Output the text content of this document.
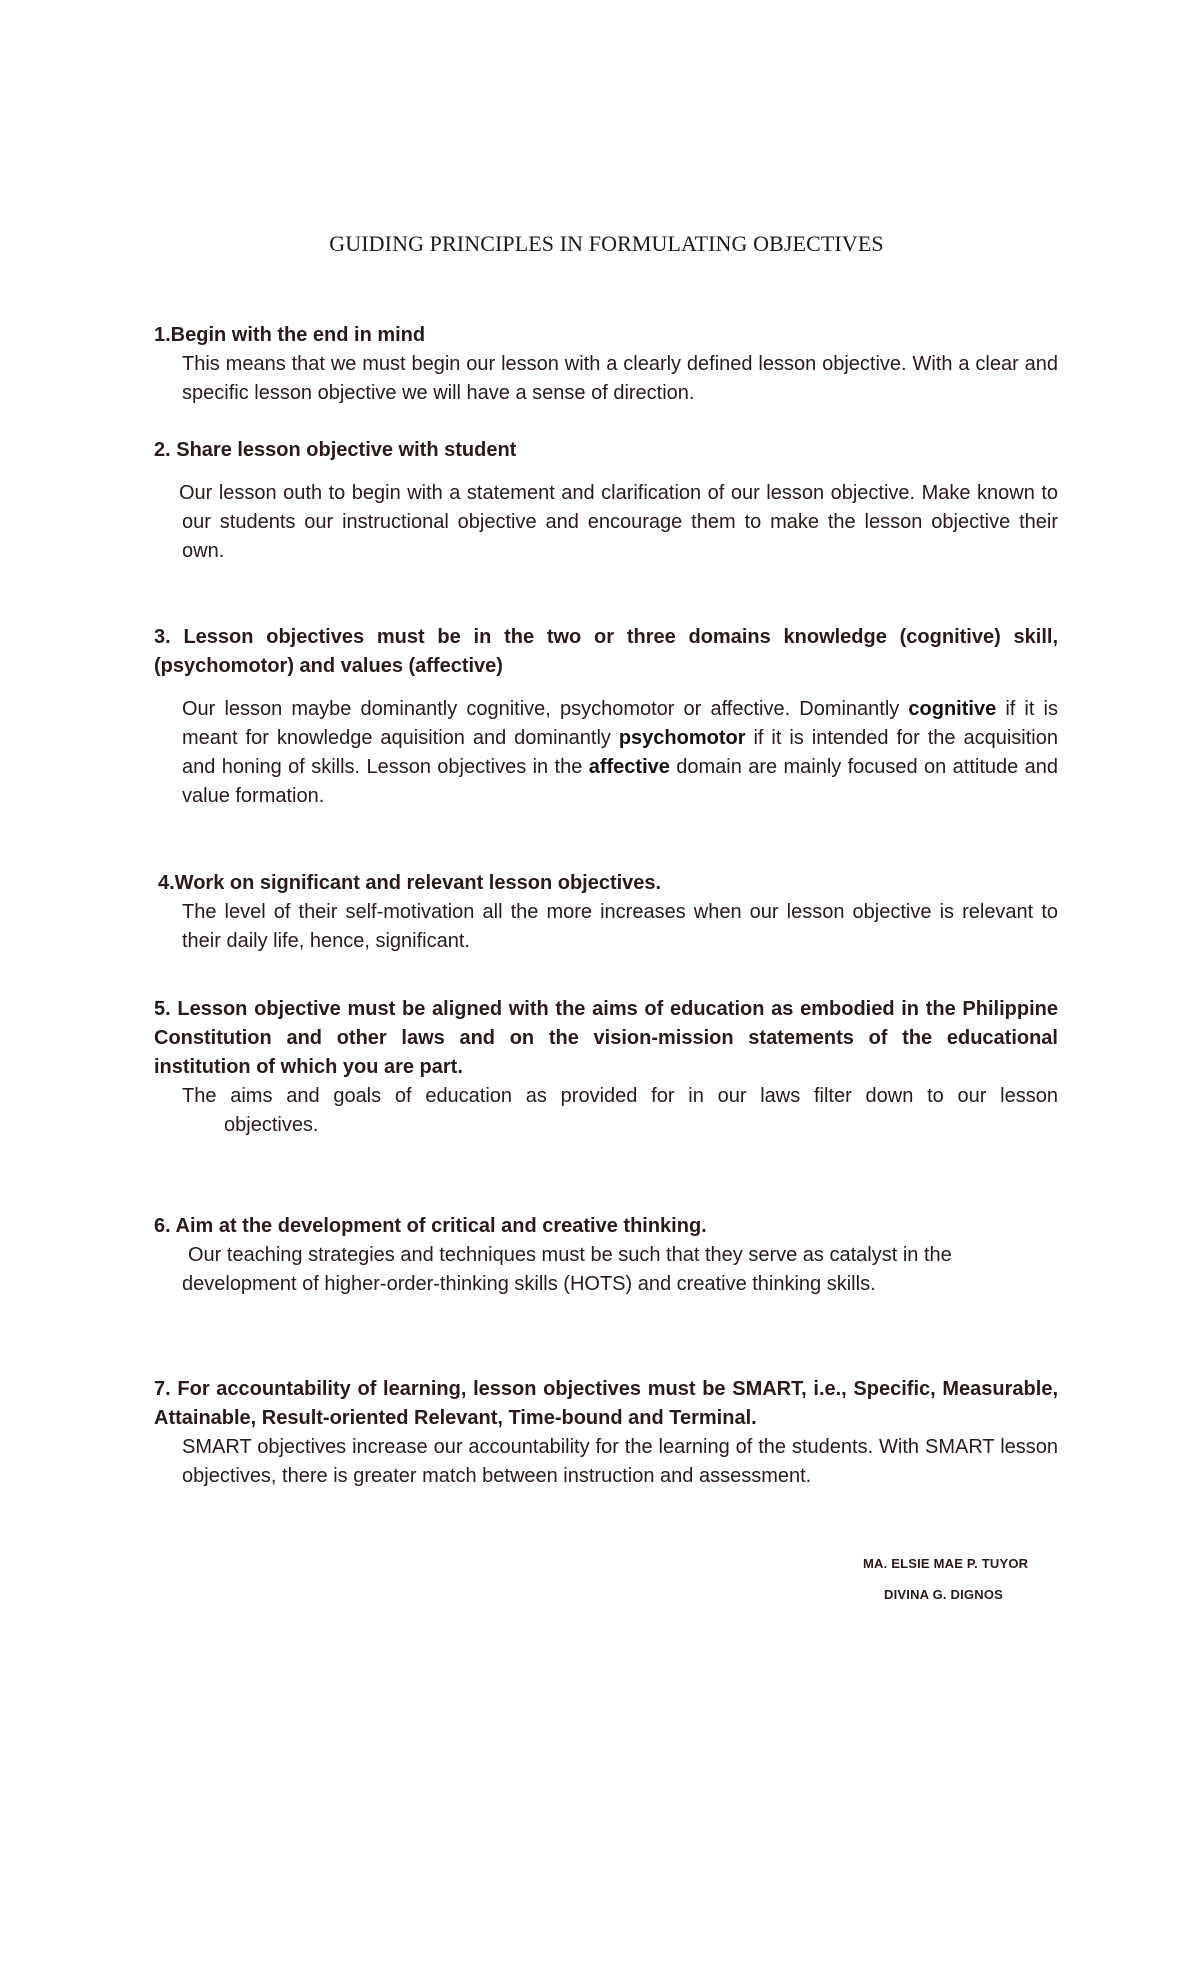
GUIDING PRINCIPLES IN FORMULATING OBJECTIVES
1.Begin with the end in mind
This means that we must begin our lesson with a clearly defined lesson objective. With a clear and specific lesson objective we will have a sense of direction.
2. Share lesson objective with student
Our lesson outh to begin with a statement and clarification of our lesson objective. Make known to our students our instructional objective and encourage them to make the lesson objective their own.
3. Lesson objectives must be in the two or three domains knowledge (cognitive) skill, (psychomotor) and values (affective)
Our lesson maybe dominantly cognitive, psychomotor or affective. Dominantly cognitive if it is meant for knowledge aquisition and dominantly psychomotor if it is intended for the acquisition and honing of skills. Lesson objectives in the affective domain are mainly focused on attitude and value formation.
4.Work on significant and relevant lesson objectives.
The level of their self-motivation all the more increases when our lesson objective is relevant to their daily life, hence, significant.
5. Lesson objective must be aligned with the aims of education as embodied in the Philippine Constitution and other laws and on the vision-mission statements of the educational institution of which you are part.
The aims and goals of education as provided for in our laws filter down to our lesson
objectives.
6. Aim at the development of critical and creative thinking.
Our teaching strategies and techniques must be such that they serve as catalyst in the
development of higher-order-thinking skills (HOTS) and creative thinking skills.
7. For accountability of learning, lesson objectives must be SMART, i.e., Specific, Measurable, Attainable, Result-oriented Relevant, Time-bound and Terminal.
SMART objectives increase our accountability for the learning of the students. With SMART lesson objectives, there is greater match between instruction and assessment.
MA. ELSIE MAE P. TUYOR
DIVINA G. DIGNOS
